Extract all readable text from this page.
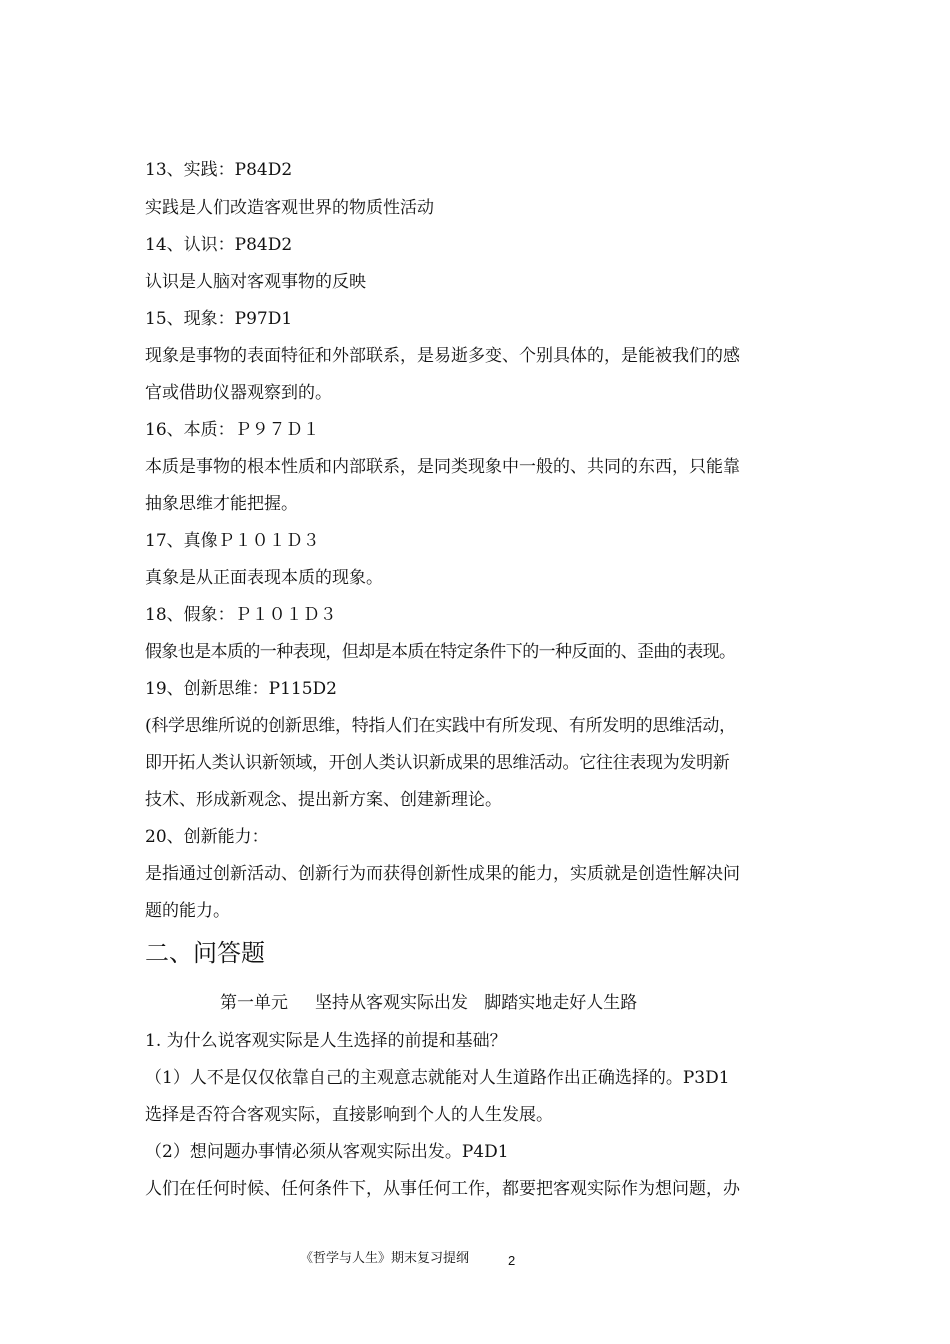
13、实践：P84D2
实践是人们改造客观世界的物质性活动
14、认识：P84D2
认识是人脑对客观事物的反映
15、现象：P97D1
现象是事物的表面特征和外部联系，是易逝多变、个别具体的，是能被我们的感
官或借助仪器观察到的。
16、本质：Ｐ９７Ｄ１
本质是事物的根本性质和内部联系，是同类现象中一般的、共同的东西，只能靠
抽象思维才能把握。
17、真像Ｐ１０１Ｄ３
真象是从正面表现本质的现象。
18、假象：Ｐ１０１Ｄ３
假象也是本质的一种表现，但却是本质在特定条件下的一种反面的、歪曲的表现。
19、创新思维：P115D2
(科学思维所说的创新思维，特指人们在实践中有所发现、有所发明的思维活动，
即开拓人类认识新领域，开创人类认识新成果的思维活动。它往往表现为发明新
技术、形成新观念、提出新方案、创建新理论。
20、创新能力：
是指通过创新活动、创新行为而获得创新性成果的能力，实质就是创造性解决问
题的能力。
二、问答题
第一单元     坚持从客观实际出发   脚踏实地走好人生路
1. 为什么说客观实际是人生选择的前提和基础？
（1）人不是仅仅依靠自己的主观意志就能对人生道路作出正确选择的。P3D1
选择是否符合客观实际，直接影响到个人的人生发展。
（2）想问题办事情必须从客观实际出发。P4D1
人们在任何时候、任何条件下，从事任何工作，都要把客观实际作为想问题，办
《哲学与人生》期末复习提纲	2
